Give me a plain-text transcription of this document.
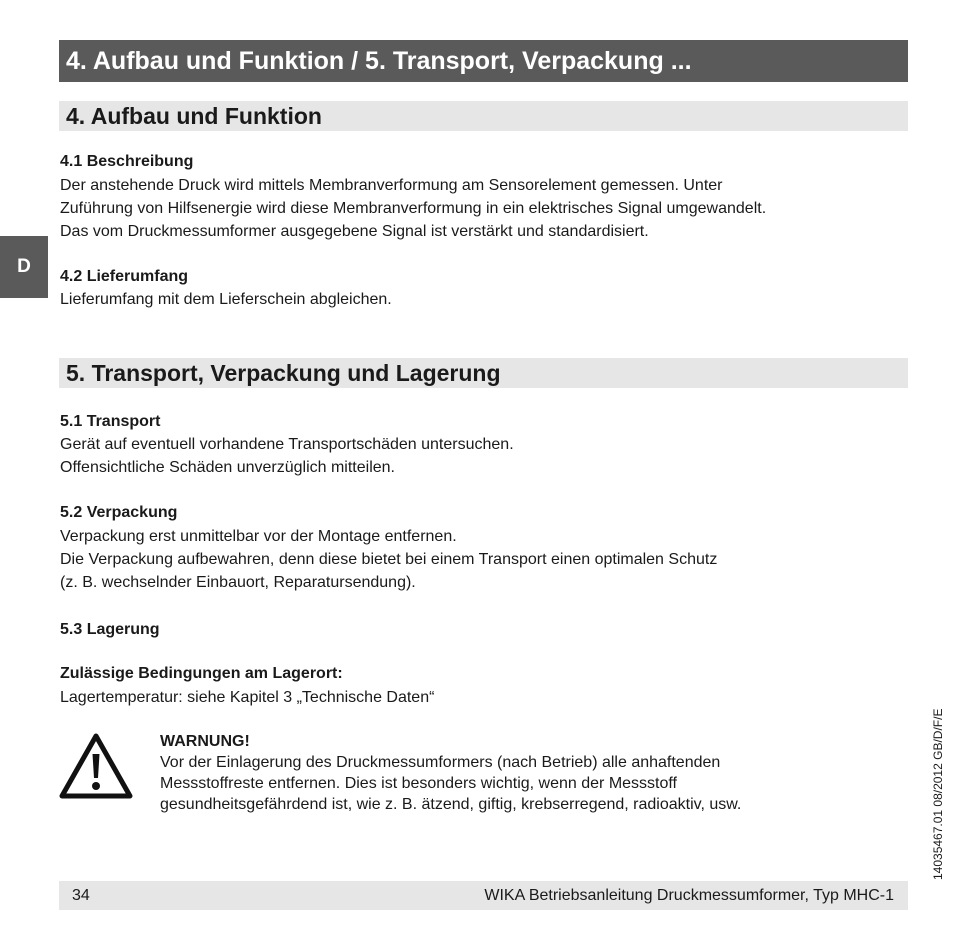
4. Aufbau und Funktion / 5. Transport, Verpackung ...
D
4. Aufbau und Funktion
4.1 Beschreibung
Der anstehende Druck wird mittels Membranverformung am Sensorelement gemessen. Unter
Zuführung von Hilfsenergie wird diese Membranverformung in ein elektrisches Signal umgewandelt.
Das vom Druckmessumformer ausgegebene Signal ist verstärkt und standardisiert.
4.2 Lieferumfang
Lieferumfang mit dem Lieferschein abgleichen.
5. Transport, Verpackung und Lagerung
5.1 Transport
Gerät auf eventuell vorhandene Transportschäden untersuchen.
Offensichtliche Schäden unverzüglich mitteilen.
5.2 Verpackung
Verpackung erst unmittelbar vor der Montage entfernen.
Die Verpackung aufbewahren, denn diese bietet bei einem Transport einen optimalen Schutz
(z. B. wechselnder Einbauort, Reparatursendung).
5.3 Lagerung
Zulässige Bedingungen am Lagerort:
Lagertemperatur: siehe Kapitel 3 „Technische Daten“
WARNUNG!
Vor der Einlagerung des Druckmessumformers (nach Betrieb) alle anhaftenden
Messstoffreste entfernen. Dies ist besonders wichtig, wenn der Messstoff
gesundheitsgefährdend ist, wie z. B. ätzend, giftig, krebserregend, radioaktiv, usw.	14035467.01 08/2012 GB/D/F/E
34	WIKA Betriebsanleitung Druckmessumformer, Typ MHC-1
